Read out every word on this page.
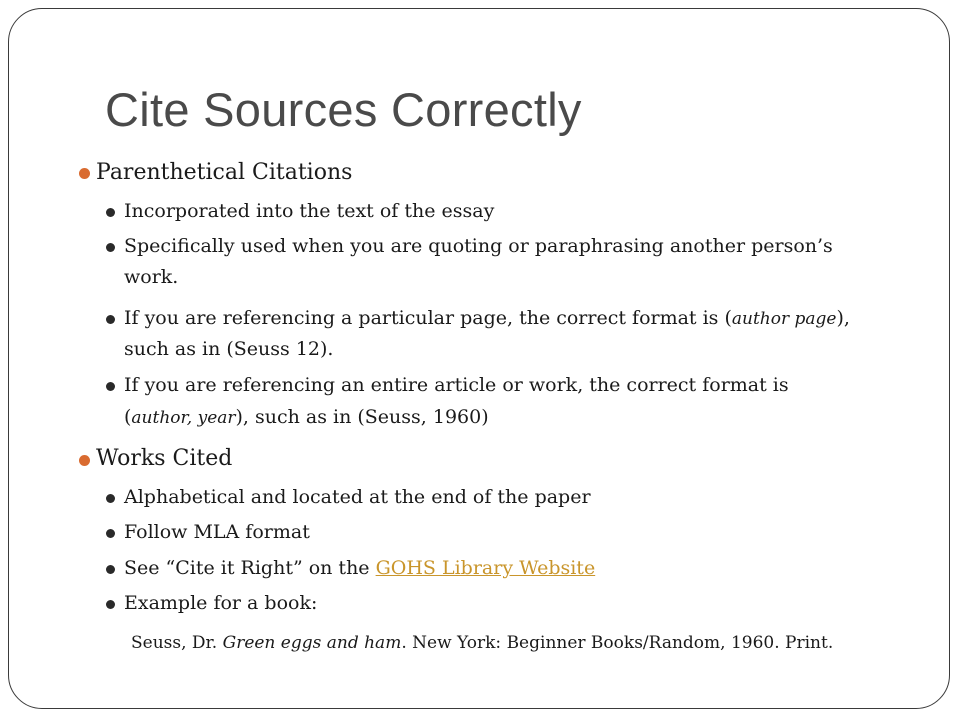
Cite Sources Correctly
Parenthetical Citations
Incorporated into the text of the essay
Specifically used when you are quoting or paraphrasing another person’s
work.
If you are referencing a particular page, the correct format is (author page),
such as in (Seuss 12).
If you are referencing an entire article or work, the correct format is
(author, year), such as in (Seuss, 1960)
Works Cited
Alphabetical and located at the end of the paper
Follow MLA format
See “Cite it Right” on the GOHS Library Website
Example for a book:
Seuss, Dr. Green eggs and ham. New York: Beginner Books/Random, 1960. Print.
